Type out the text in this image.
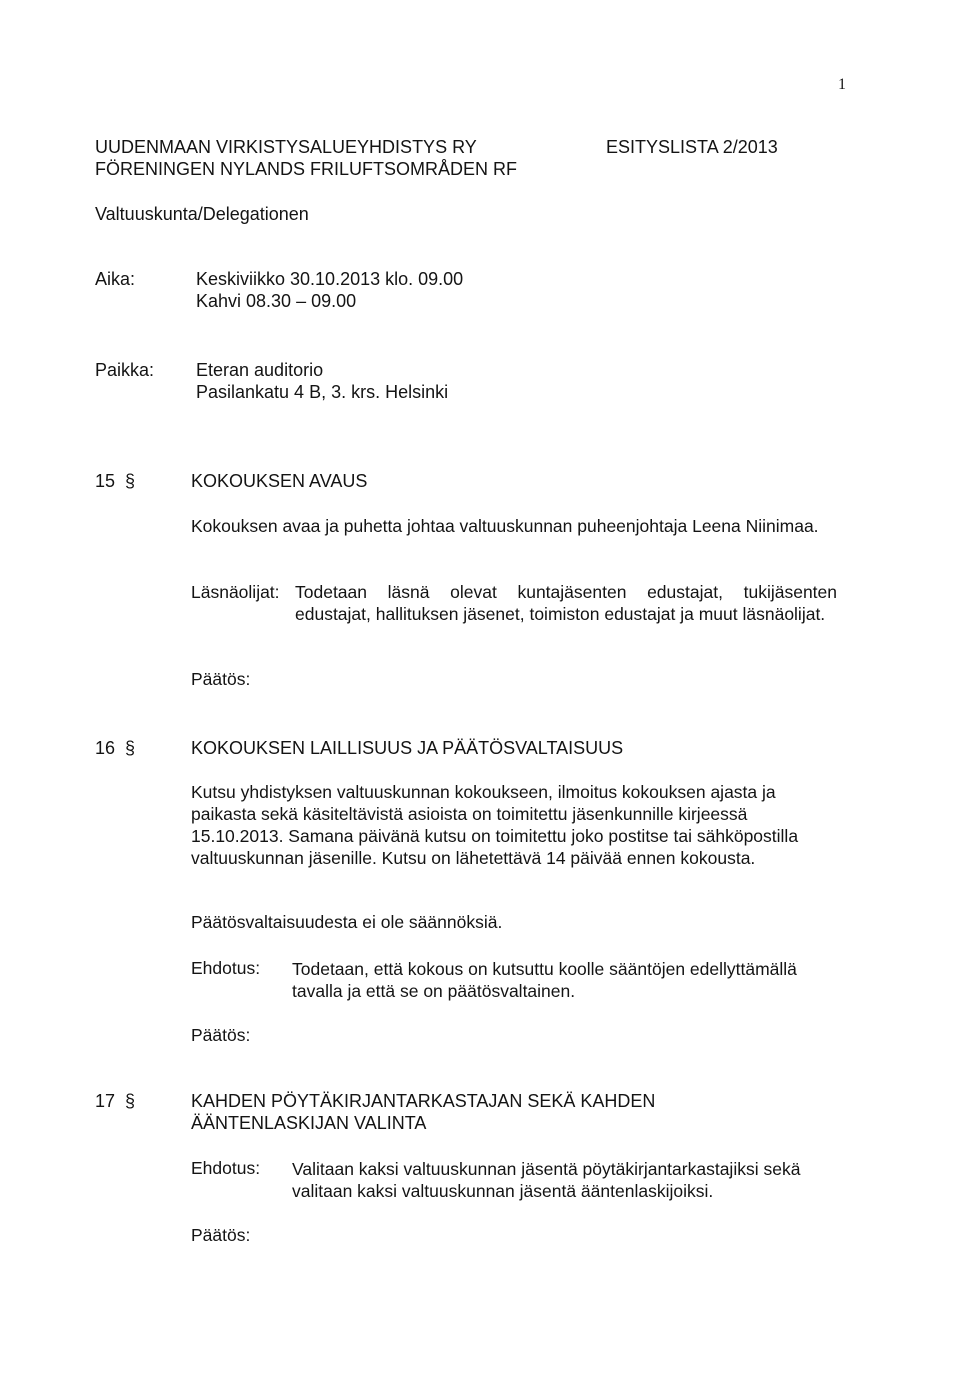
1
UUDENMAAN VIRKISTYSALUEYHDISTYS RY
FÖRENINGEN NYLANDS FRILUFTSOMRÅDEN RF
ESITYSLISTA 2/2013
Valtuuskunta/Delegationen
Aika:	Keskiviikko 30.10.2013 klo. 09.00
Kahvi 08.30 – 09.00
Paikka: Eteran auditorio
Pasilankatu 4 B, 3. krs. Helsinki
15  §	KOKOUKSEN AVAUS
Kokouksen avaa ja puhetta johtaa valtuuskunnan puheenjohtaja Leena Niinimaa.
Läsnäolijat: Todetaan läsnä olevat kuntajäsenten edustajat, tukijäsenten edustajat, hallituksen jäsenet, toimiston edustajat ja muut läsnäolijat.
Päätös:
16  §	KOKOUKSEN LAILLISUUS JA PÄÄTÖSVALTAISUUS
Kutsu yhdistyksen valtuuskunnan kokoukseen, ilmoitus kokouksen ajasta ja paikasta sekä käsiteltävistä asioista on toimitettu jäsenkunnille kirjeessä 15.10.2013. Samana päivänä kutsu on toimitettu joko postitse tai sähköpostilla valtuuskunnan jäsenille. Kutsu on lähetettävä 14 päivää ennen kokousta.
Päätösvaltaisuudesta ei ole säännöksiä.
Ehdotus: Todetaan, että kokous on kutsuttu koolle sääntöjen edellyttämällä tavalla ja että se on päätösvaltainen.
Päätös:
17  §	KAHDEN PÖYTÄKIRJANTARKASTAJAN SEKÄ KAHDEN
ÄÄNTENLASKIJAN VALINTA
Ehdotus: Valitaan kaksi valtuuskunnan jäsentä pöytäkirjantarkastajiksi sekä valitaan kaksi valtuuskunnan jäsentä ääntenlaskijoiksi.
Päätös:
